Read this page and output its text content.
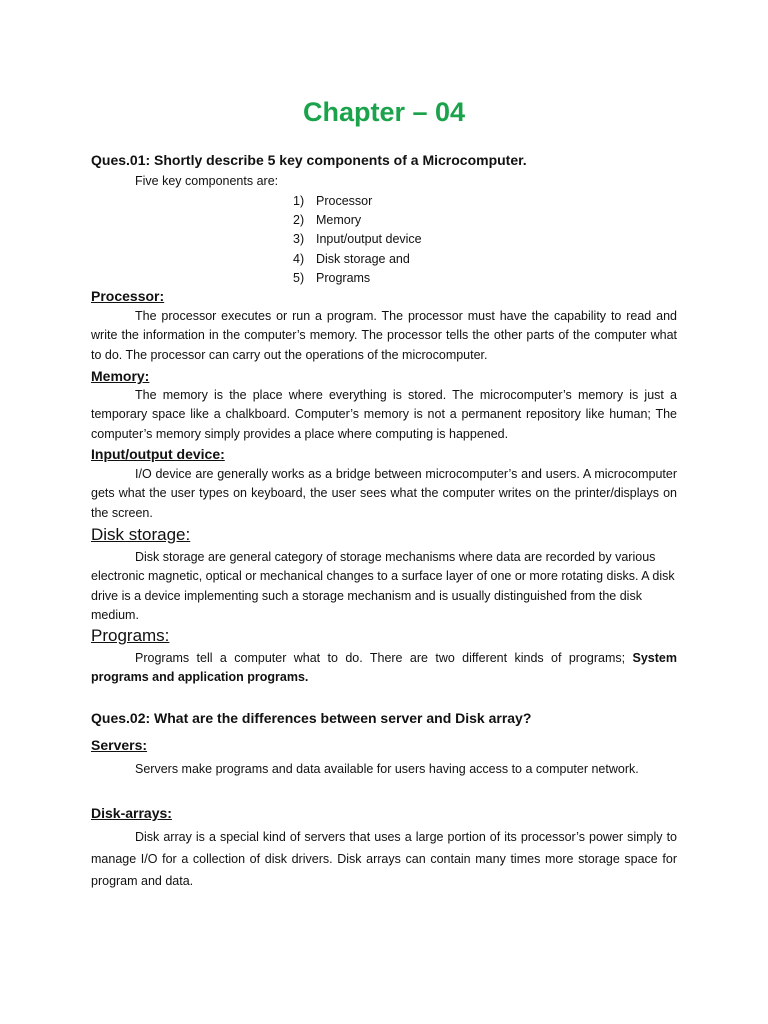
Chapter – 04
Ques.01: Shortly describe 5 key components of a Microcomputer.
Five key components are:
1) Processor
2) Memory
3) Input/output device
4) Disk storage and
5) Programs
Processor:
The processor executes or run a program. The processor must have the capability to read and write the information in the computer’s memory. The processor tells the other parts of the computer what to do. The processor can carry out the operations of the microcomputer.
Memory:
The memory is the place where everything is stored. The microcomputer’s memory is just a temporary space like a chalkboard. Computer’s memory is not a permanent repository like human; The computer’s memory simply provides a place where computing is happened.
Input/output device:
I/O device are generally works as a bridge between microcomputer’s and users. A microcomputer gets what the user types on keyboard, the user sees what the computer writes on the printer/displays on the screen.
Disk storage:
Disk storage are general category of storage mechanisms where data are recorded by various electronic magnetic, optical or mechanical changes to a surface layer of one or more rotating disks. A disk drive is a device implementing such a storage mechanism and is usually distinguished from the disk medium.
Programs:
Programs tell a computer what to do. There are two different kinds of programs; System programs and application programs.
Ques.02: What are the differences between server and Disk array?
Servers:
Servers make programs and data available for users having access to a computer network.
Disk-arrays:
Disk array is a special kind of servers that uses a large portion of its processor’s power simply to manage I/O for a collection of disk drivers. Disk arrays can contain many times more storage space for program and data.
